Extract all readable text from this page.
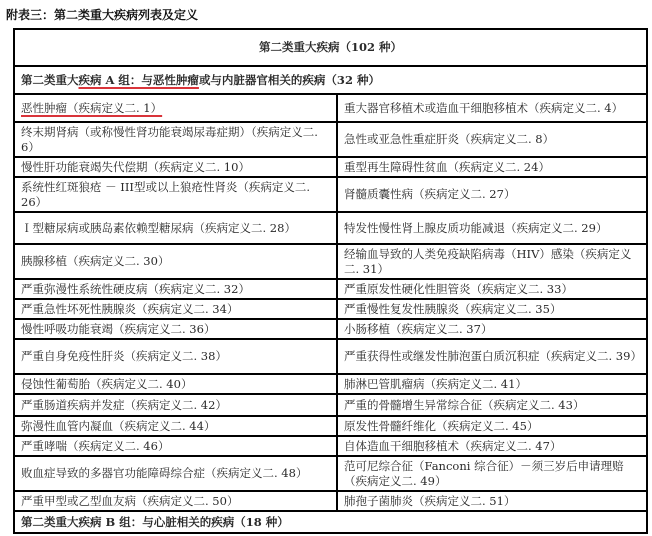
附表三：第二类重大疾病列表及定义
第二类重大疾病（102 种）	
第二类重大疾病 A 组：与恶性肿瘤或与内脏器官相关的疾病（32 种）	
恶性肿瘤（疾病定义二. 1）	重大器官移植术或造血干细胞移植术（疾病定义二. 4）
终末期肾病（或称慢性肾功能衰竭尿毒症期）（疾病定义二. 6）	急性或亚急性重症肝炎（疾病定义二. 8）
慢性肝功能衰竭失代偿期（疾病定义二. 10）	重型再生障碍性贫血（疾病定义二. 24）
系统性红斑狼疮 － III型或以上狼疮性肾炎（疾病定义二. 26）	肾髓质囊性病（疾病定义二. 27）
Ｉ型糖尿病或胰岛素依赖型糖尿病（疾病定义二. 28）	特发性慢性肾上腺皮质功能减退（疾病定义二. 29）
胰腺移植（疾病定义二. 30）	经输血导致的人类免疫缺陷病毒（HIV）感染（疾病定义二. 31）
严重弥漫性系统性硬皮病（疾病定义二. 32）	严重原发性硬化性胆管炎（疾病定义二. 33）
严重急性坏死性胰腺炎（疾病定义二. 34）	严重慢性复发性胰腺炎（疾病定义二. 35）
慢性呼吸功能衰竭（疾病定义二. 36）	小肠移植（疾病定义二. 37）
严重自身免疫性肝炎（疾病定义二. 38）	严重获得性或继发性肺泡蛋白质沉积症（疾病定义二. 39）
侵蚀性葡萄胎（疾病定义二. 40）	肺淋巴管肌瘤病（疾病定义二. 41）
严重肠道疾病并发症（疾病定义二. 42）	严重的骨髓增生异常综合征（疾病定义二. 43）
弥漫性血管内凝血（疾病定义二. 44）	原发性骨髓纤维化（疾病定义二. 45）
严重哮喘（疾病定义二. 46）	自体造血干细胞移植术（疾病定义二. 47）
败血症导致的多器官功能障碍综合症（疾病定义二. 48）	范可尼综合征（Fanconi 综合征）－须三岁后申请理赔（疾病定义二. 49）
严重甲型或乙型血友病（疾病定义二. 50）	肺孢子菌肺炎（疾病定义二. 51）
第二类重大疾病 B 组：与心脏相关的疾病（18 种）	
